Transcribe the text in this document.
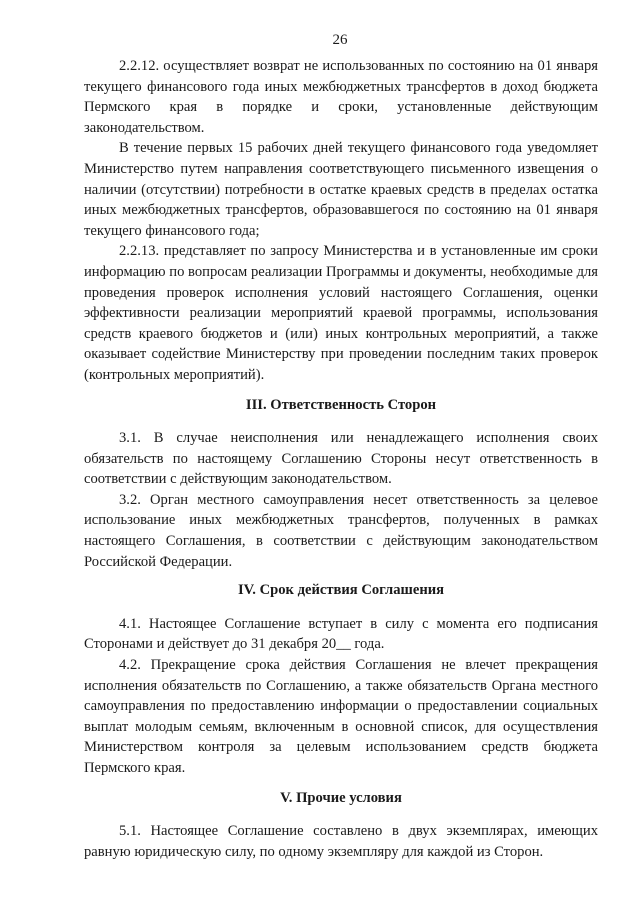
26

2.2.12. осуществляет возврат не использованных по состоянию на 01 января текущего финансового года иных межбюджетных трансфертов в доход бюджета Пермского края в порядке и сроки, установленные действующим законодательством.

В течение первых 15 рабочих дней текущего финансового года уведомляет Министерство путем направления соответствующего письменного извещения о наличии (отсутствии) потребности в остатке краевых средств в пределах остатка иных межбюджетных трансфертов, образовавшегося по состоянию на 01 января текущего финансового года;

2.2.13. представляет по запросу Министерства и в установленные им сроки информацию по вопросам реализации Программы и документы, необходимые для проведения проверок исполнения условий настоящего Соглашения, оценки эффективности реализации мероприятий краевой программы, использования средств краевого бюджетов и (или) иных контрольных мероприятий, а также оказывает содействие Министерству при проведении последним таких проверок (контрольных мероприятий).

III. Ответственность Сторон

3.1. В случае неисполнения или ненадлежащего исполнения своих обязательств по настоящему Соглашению Стороны несут ответственность в соответствии с действующим законодательством.

3.2. Орган местного самоуправления несет ответственность за целевое использование иных межбюджетных трансфертов, полученных в рамках настоящего Соглашения, в соответствии с действующим законодательством Российской Федерации.

IV. Срок действия Соглашения

4.1. Настоящее Соглашение вступает в силу с момента его подписания Сторонами и действует до 31 декабря 20__ года.

4.2. Прекращение срока действия Соглашения не влечет прекращения исполнения обязательств по Соглашению, а также обязательств Органа местного самоуправления по предоставлению информации о предоставлении социальных выплат молодым семьям, включенным в основной список, для осуществления Министерством контроля за целевым использованием средств бюджета Пермского края.

V. Прочие условия

5.1. Настоящее Соглашение составлено в двух экземплярах, имеющих равную юридическую силу, по одному экземпляру для каждой из Сторон.
